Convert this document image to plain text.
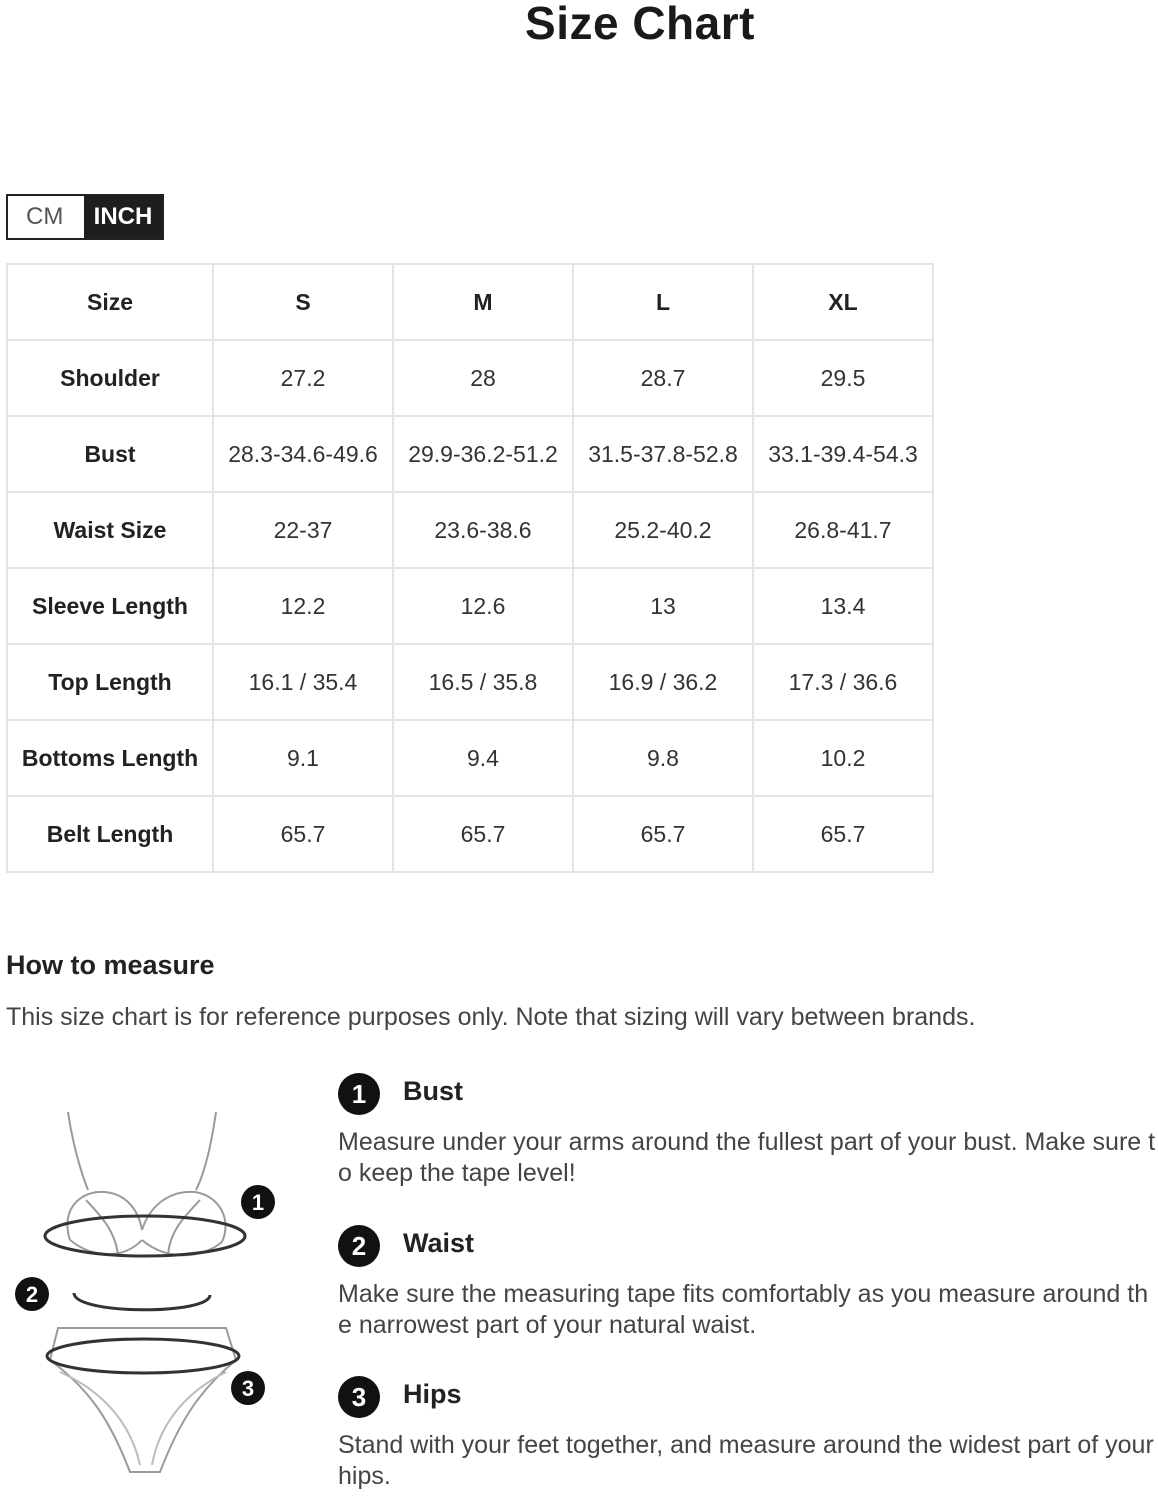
Size Chart
CM	INCH
Size	S	M	L	XL
Shoulder	27.2	28	28.7	29.5
Bust	28.3-34.6-49.6	29.9-36.2-51.2	31.5-37.8-52.8	33.1-39.4-54.3
Waist Size	22-37	23.6-38.6	25.2-40.2	26.8-41.7
Sleeve Length	12.2	12.6	13	13.4
Top Length	16.1 / 35.4	16.5 / 35.8	16.9 / 36.2	17.3 / 36.6
Bottoms Length	9.1	9.4	9.8	10.2
Belt Length	65.7	65.7	65.7	65.7
How to measure
This size chart is for reference purposes only. Note that sizing will vary between brands.
1
2
3
1	Bust
Measure under your arms around the fullest part of your bust. Make sure to keep the tape level!
2	Waist
Make sure the measuring tape fits comfortably as you measure around the narrowest part of your natural waist.
3	Hips
Stand with your feet together, and measure around the widest part of your hips.
